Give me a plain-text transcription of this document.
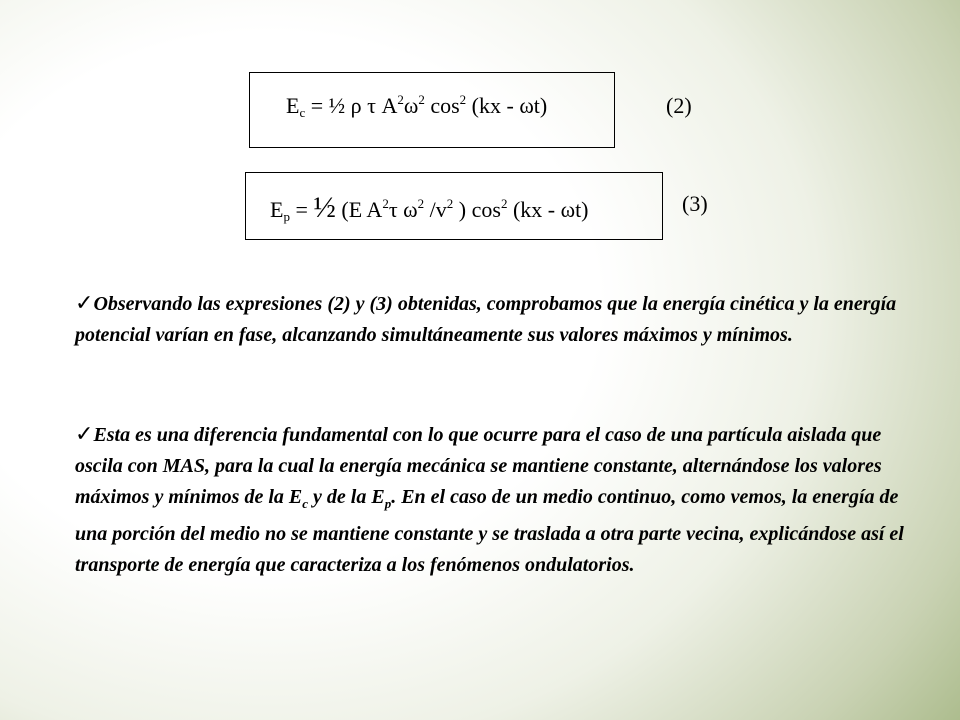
$E_c$ = ½ ρ τ $A^2\omega^2$ $\cos^2 (kx - \omega t)$	(2)
$E_p$ = ½ (E $A^2\tau$ $\omega^2$ $/v^2$ ) $\cos^2 (kx - \omega t)$	(3)
✓Observando las expresiones (2) y (3) obtenidas, comprobamos que la energía cinética y la energía potencial varían en fase, alcanzando simultáneamente sus valores máximos y mínimos.
✓Esta es una diferencia fundamental con lo que ocurre para el caso de una partícula aislada que oscila con MAS, para la cual la energía mecánica se mantiene constante, alternándose los valores máximos y mínimos de la $E_c$ y de la $E_p$. En el caso de un medio continuo, como vemos, la energía de una porción del medio no se mantiene constante y se traslada a otra parte vecina, explicándose así el transporte de energía que caracteriza a los fenómenos ondulatorios.
